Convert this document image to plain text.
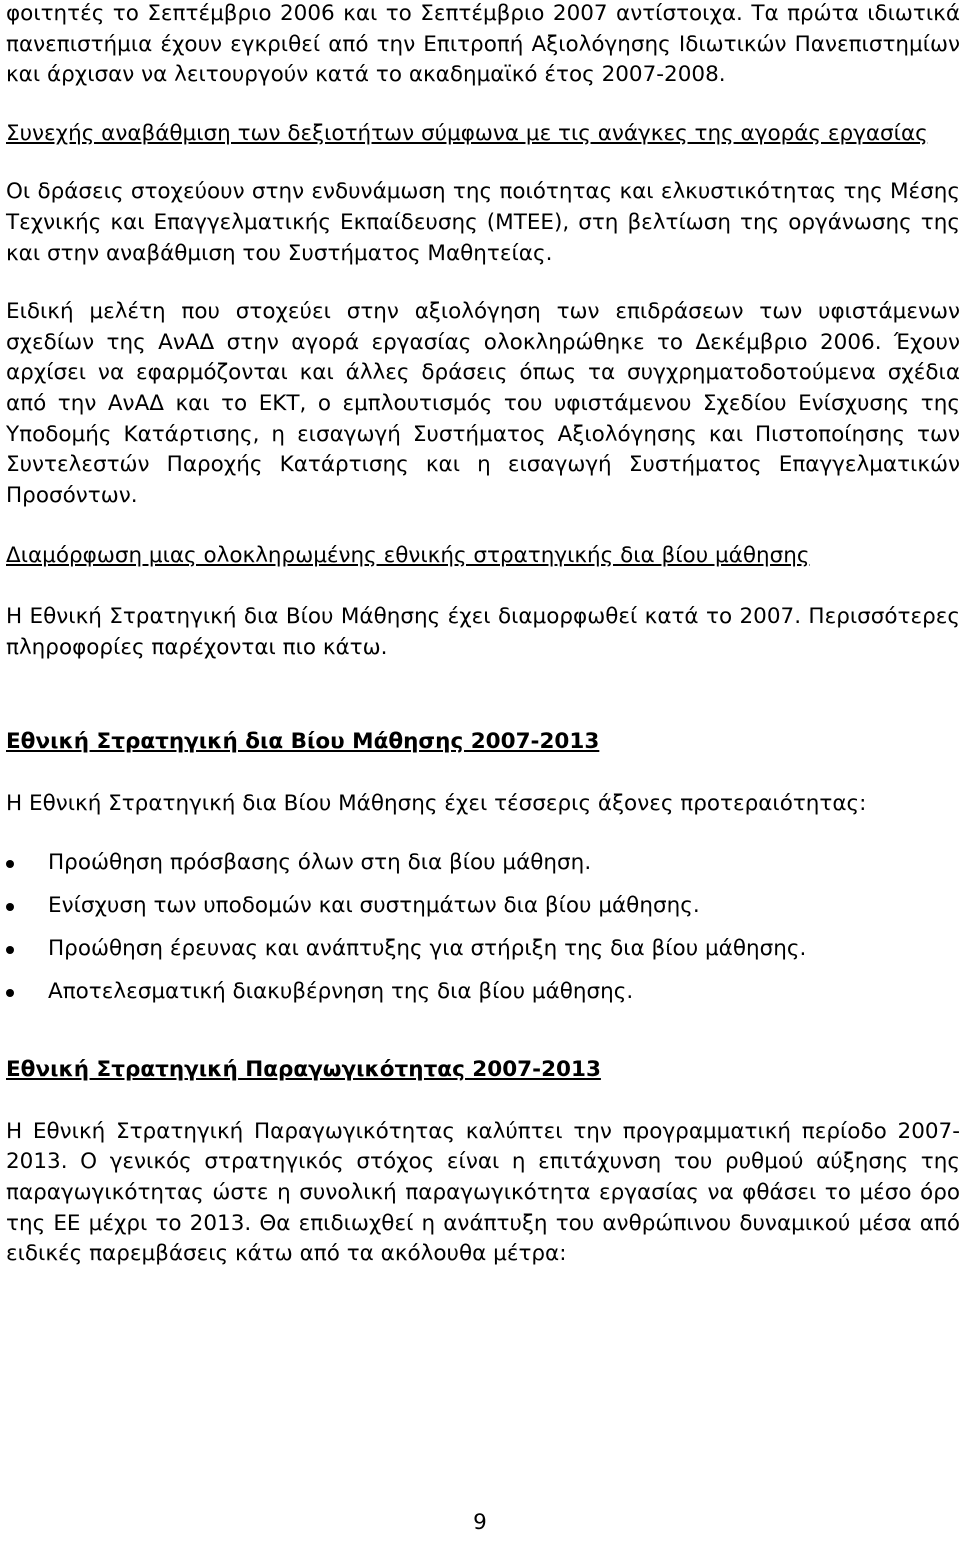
φοιτητές το Σεπτέμβριο 2006 και το Σεπτέμβριο 2007 αντίστοιχα. Τα πρώτα ιδιωτικά πανεπιστήμια έχουν εγκριθεί από την Επιτροπή Αξιολόγησης Ιδιωτικών Πανεπιστημίων και άρχισαν να λειτουργούν κατά το ακαδημαϊκό έτος 2007-2008.

Συνεχής αναβάθμιση των δεξιοτήτων σύμφωνα με τις ανάγκες της αγοράς εργασίας

Οι δράσεις στοχεύουν στην ενδυνάμωση της ποιότητας και ελκυστικότητας της Μέσης Τεχνικής και Επαγγελματικής Εκπαίδευσης (ΜΤΕΕ), στη βελτίωση της οργάνωσης της και στην αναβάθμιση του Συστήματος Μαθητείας.

Ειδική μελέτη που στοχεύει στην αξιολόγηση των επιδράσεων των υφιστάμενων σχεδίων της ΑνΑΔ στην αγορά εργασίας ολοκληρώθηκε το Δεκέμβριο 2006. Έχουν αρχίσει να εφαρμόζονται και άλλες δράσεις όπως τα συγχρηματοδοτούμενα σχέδια από την ΑνΑΔ και το ΕΚΤ, ο εμπλουτισμός του υφιστάμενου Σχεδίου Ενίσχυσης της Υποδομής Κατάρτισης, η εισαγωγή Συστήματος Αξιολόγησης και Πιστοποίησης των Συντελεστών Παροχής Κατάρτισης και η εισαγωγή Συστήματος Επαγγελματικών Προσόντων.

Διαμόρφωση μιας ολοκληρωμένης εθνικής στρατηγικής δια βίου μάθησης

Η Εθνική Στρατηγική δια Βίου Μάθησης έχει διαμορφωθεί κατά το 2007. Περισσότερες πληροφορίες παρέχονται πιο κάτω.

Εθνική Στρατηγική δια Βίου Μάθησης 2007-2013

Η Εθνική Στρατηγική δια Βίου Μάθησης έχει τέσσερις άξονες προτεραιότητας:

Προώθηση πρόσβασης όλων στη δια βίου μάθηση.
Ενίσχυση των υποδομών και συστημάτων δια βίου μάθησης.
Προώθηση έρευνας και ανάπτυξης για στήριξη της δια βίου μάθησης.
Αποτελεσματική διακυβέρνηση της δια βίου μάθησης.

Εθνική Στρατηγική Παραγωγικότητας 2007-2013

Η Εθνική Στρατηγική Παραγωγικότητας καλύπτει την προγραμματική περίοδο 2007-2013. Ο γενικός στρατηγικός στόχος είναι η επιτάχυνση του ρυθμού αύξησης της παραγωγικότητας ώστε η συνολική παραγωγικότητα εργασίας να φθάσει το μέσο όρο της ΕΕ μέχρι το 2013. Θα επιδιωχθεί η ανάπτυξη του ανθρώπινου δυναμικού μέσα από ειδικές παρεμβάσεις κάτω από τα ακόλουθα μέτρα:

9
